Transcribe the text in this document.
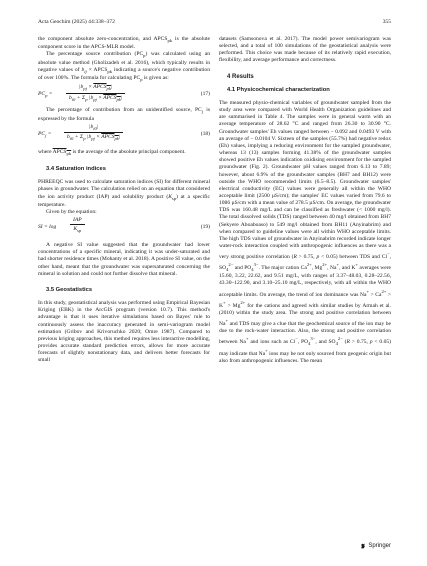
Acta Geochim (2025) 44:338–372	355

the component absolute zero-concentration, and $APCS_{pk}$ is the absolute component score in the APCS-MLR model.

The percentage source contribution $(PC_p)$ was calculated using an absolute value method (Gholizadeh et al. 2016), which typically results in negative values of $b_{ij}$ × $APCS_{pk}$ indicating a source's negative contribution of over 100%. The formula for calculating $PC_p$ is given as:

$PC_p$ =
$|b_{pj}$ × $APCS_{pk}|$
$b_{i0} + \Sigma_p$ $|b_{pj}$ × $APCS_{pk}|$
(17)

The percentage of contribution from an unidentified source, $PC_j$ is expressed by the formula

$PC_j$ =
$|b_{i0}|$
$b_{i0} + \Sigma_p$ $|b_{pj}$ × $APCS_{pk}|$
(18)

where $APCS_{pk}$ is the average of the absolute principal component.

3.4 Saturation indices

PHREEQC was used to calculate saturation indices (SI) for different mineral phases in groundwater. The calculation relied on an equation that considered the ion activity product (IAP) and solubility product $(K_{sp})$ at a specific temperature.

Given by the equation:

SI = log
IAP
$K_{sp}$
(19)

A negative SI value suggested that the groundwater had lower concentrations of a specific mineral, indicating it was under-saturated and had shorter residence times (Mohanty et al. 2018). A positive SI value, on the other hand, meant that the groundwater was supersaturated concerning the mineral in solution and could not further dissolve that mineral.

3.5 Geostatistics

In this study, geostatistical analysis was performed using Empirical Bayesian Kriging (EBK) in the ArcGIS program (version 10.7). This method's advantage is that it uses iterative simulations based on Bayes' rule to continuously assess the inaccuracy generated in semi-variogram model estimation (Gribov and Krivoruchko 2020; Omre 1987). Compared to previous kriging approaches, this method requires less interactive modelling, provides accurate standard prediction errors, allows for more accurate forecasts of slightly nonstationary data, and delivers better forecasts for small

datasets (Samsonova et al. 2017). The model power semivariogram was selected, and a total of 100 simulations of the geostatistical analysis were performed. This choice was made because of its relatively rapid execution, flexibility, and average performance and correctness.

4 Results

4.1 Physicochemical characterization

The measured physio-chemical variables of groundwater sampled from the study area were compared with World Health Organization guidelines and are summarised in Table 4. The samples were in general warm with an average temperature of 28.62 °C and ranged from 26.30 to 30.90 °C. Groundwater samples' Eh values ranged between − 0.092 and 0.0493 V with an average of − 0.0104 V. Sixteen of the samples (55.7%) had negative redox (Eh) values, implying a reducing environment for the sampled groundwater, whereas 13 (13) samples forming 41.38% of the groundwater samples showed positive Eh values indication oxidising environment for the sampled groundwater (Fig. 2). Groundwater pH values ranged from 6.13 to 7.89; however, about 6.9% of the groundwater samples (BH7 and BH12) were outside the WHO recommended limits (6.5–8.5). Groundwater samples' electrical conductivity (EC) values were generally all within the WHO acceptable limit (2500 µS/cm); the samples' EC values varied from 79.6 to 1086 µS/cm with a mean value of 278.5 µS/cm. On average, the groundwater TDS was 160.48 mg/L and can be classified as freshwater (< 1000 mg/l). The total dissolved solids (TDS) ranged between 40 mg/l obtained from BH7 (Sekyere Aboaboaso) to 549 mg/l obtained from BH11 (Anyinabrim) and when compared to guideline values were all within WHO acceptable limits. The high TDS values of groundwater in Anyinabrim recorded indicate longer water-rock interaction coupled with anthropogenic influences as there was a very strong positive correlation (R > 0.75, p < 0.05) between TDS and Cl−, $SO_4^{2-}$ and $PO_4^{3-}$. The major cation $Ca^{2+}$, $Mg^{2+}$, Na+, and K+ averages were 15.60, 3.22, 22.62, and 9.51 mg/L, with ranges of 3.37–48.03, 0.28–22.56, 43.30–122.90, and 3.10–25.10 mg/L, respectively, with all within the WHO acceptable limits. On average, the trend of ion dominance was $Na^+ > Ca^{2+} > K^+ > Mg^{2+}$ for the cations and agreed with similar studies by Armah et al. (2010) within the study area. The strong and positive correlation between Na+ and TDS may give a clue that the geochemical source of the ion may be due to the rock-water interaction. Also, the strong and positive correlation between Na+ and ions such as Cl−, $PO_4^{3-}$, and $SO_4^{2-}$ (R > 0.75, p < 0.05) may indicate that Na+ ions may be not only sourced from geogenic origin but also from anthropogenic influences. The mean

Springer
